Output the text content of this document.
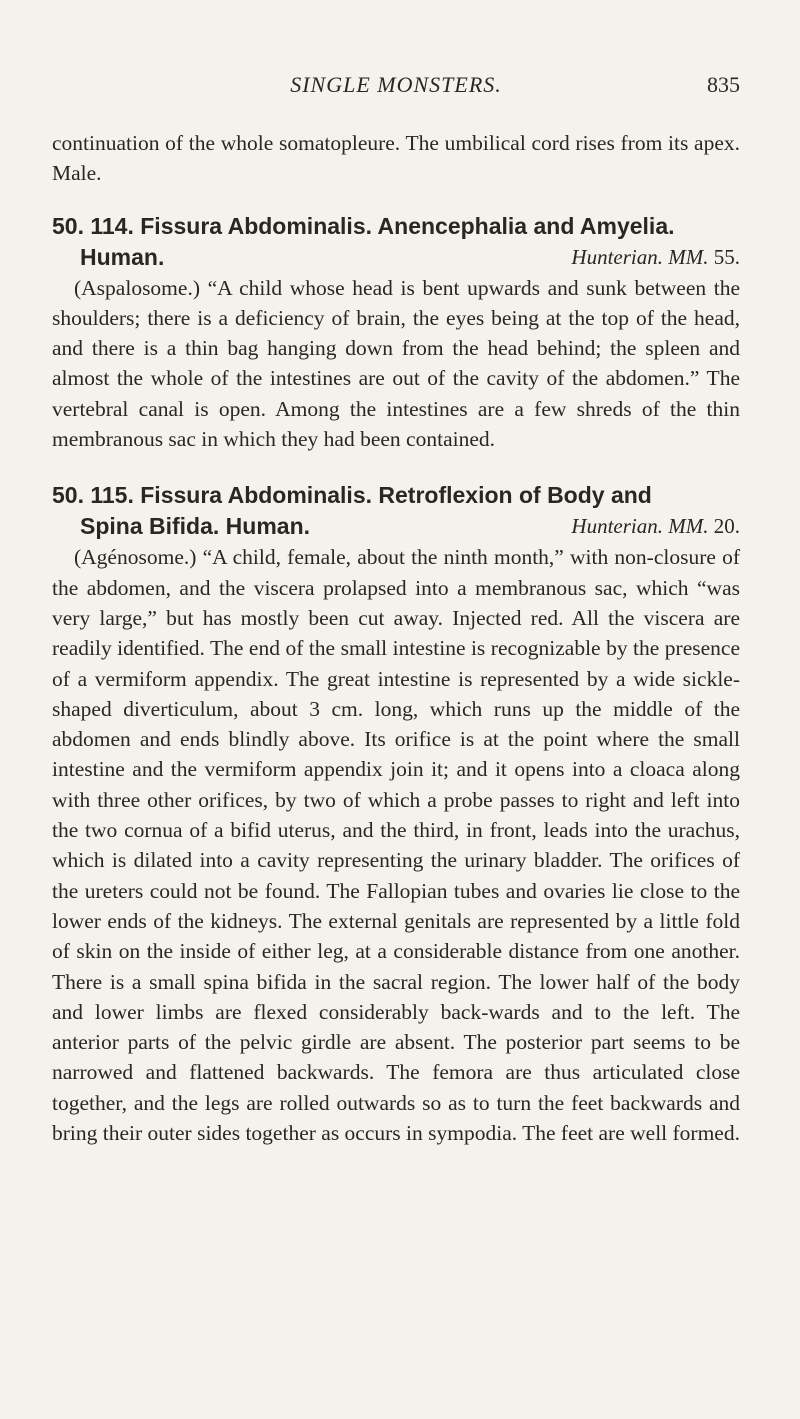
SINGLE MONSTERS.	835

continuation of the whole somatopleure. The umbilical cord rises from its apex. Male.

50. 114. Fissura Abdominalis. Anencephalia and Amyelia.
Human.	Hunterian. MM. 55.

(Aspalosome.) “A child whose head is bent upwards and sunk between the shoulders; there is a deficiency of brain, the eyes being at the top of the head, and there is a thin bag hanging down from the head behind; the spleen and almost the whole of the intestines are out of the cavity of the abdomen.” The vertebral canal is open. Among the intestines are a few shreds of the thin membranous sac in which they had been contained.

50. 115. Fissura Abdominalis. Retroflexion of Body and
Spina Bifida. Human.	Hunterian. MM. 20.

(Agénosome.) “A child, female, about the ninth month,” with non-closure of the abdomen, and the viscera prolapsed into a membranous sac, which “was very large,” but has mostly been cut away. Injected red. All the viscera are readily identified. The end of the small intestine is recognizable by the presence of a vermiform appendix. The great intestine is represented by a wide sickle-shaped diverticulum, about 3 cm. long, which runs up the middle of the abdomen and ends blindly above. Its orifice is at the point where the small intestine and the vermiform appendix join it; and it opens into a cloaca along with three other orifices, by two of which a probe passes to right and left into the two cornua of a bifid uterus, and the third, in front, leads into the urachus, which is dilated into a cavity representing the urinary bladder. The orifices of the ureters could not be found. The Fallopian tubes and ovaries lie close to the lower ends of the kidneys. The external genitals are represented by a little fold of skin on the inside of either leg, at a considerable distance from one another. There is a small spina bifida in the sacral region. The lower half of the body and lower limbs are flexed considerably back-wards and to the left. The anterior parts of the pelvic girdle are absent. The posterior part seems to be narrowed and flattened backwards. The femora are thus articulated close together, and the legs are rolled outwards so as to turn the feet backwards and bring their outer sides together as occurs in sympodia. The feet are well formed.
